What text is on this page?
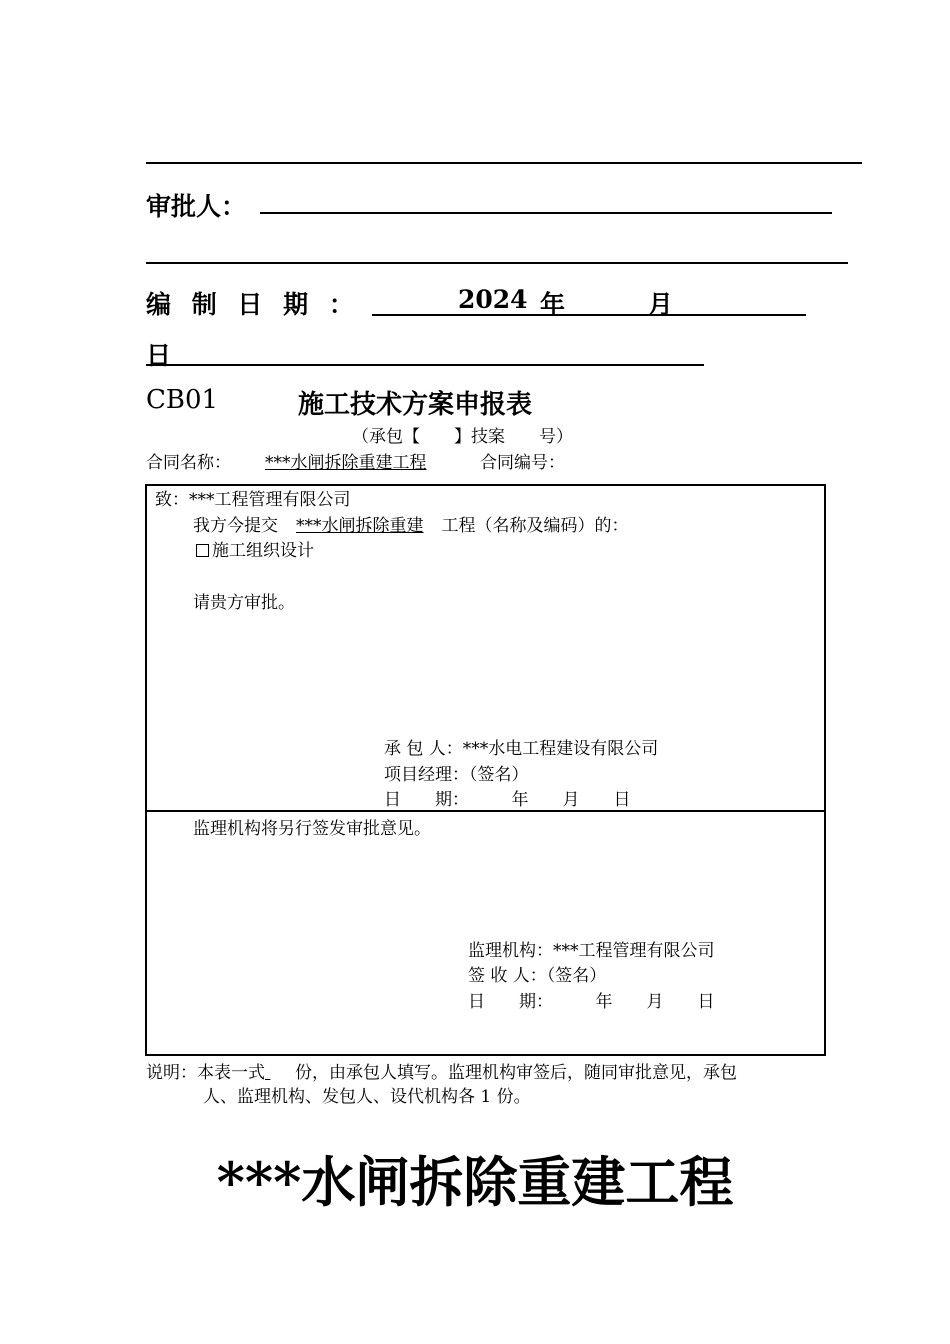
审批人：
编 制 日 期 ：	2024 年	月
日
CB01	施工技术方案申报表
（承包【　　】技案　　号）
合同名称：	***水闸拆除重建工程	合同编号：
致：***工程管理有限公司
我方今提交 ***水闸拆除重建 工程（名称及编码）的：
施工组织设计
请贵方审批。
承 包 人：***水电工程建设有限公司
项目经理：（签名）
日　　期：　　　年　　月　　日
监理机构将另行签发审批意见。
监理机构：***工程管理有限公司
签 收 人：（签名）
日　　期：　　　年　　月　　日
说明：本表一式 份，由承包人填写。监理机构审签后，随同审批意见，承包
人、监理机构、发包人、设代机构各 1 份。
***水闸拆除重建工程
